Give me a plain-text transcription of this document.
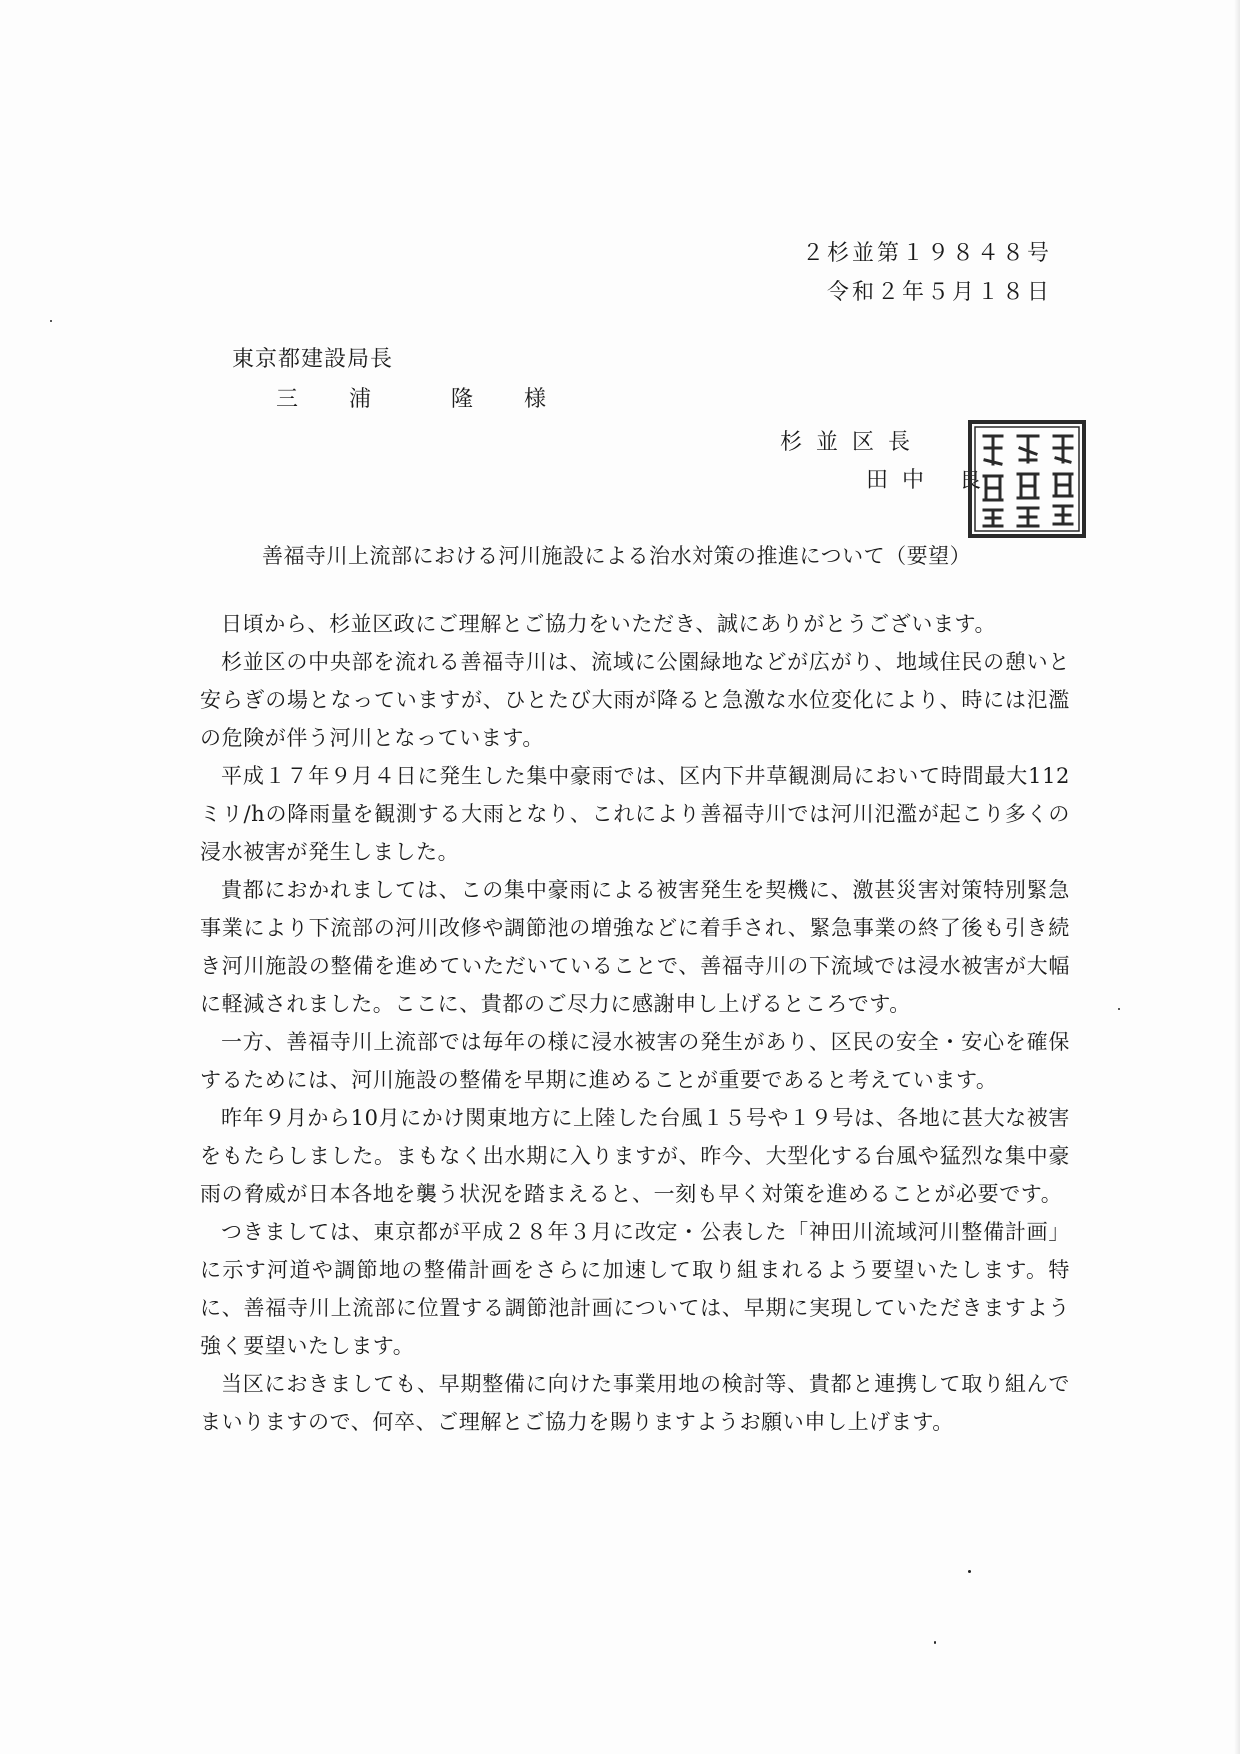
２杉並第１９８４８号
令和２年５月１８日
東京都建設局長
三 浦  隆 様
杉並区長
田中 良
善福寺川上流部における河川施設による治水対策の推進について（要望）

日頃から、杉並区政にご理解とご協力をいただき、誠にありがとうございます。

杉並区の中央部を流れる善福寺川は、流域に公園緑地などが広がり、地域住民の憩いと安らぎの場となっていますが、ひとたび大雨が降ると急激な水位変化により、時には氾濫の危険が伴う河川となっています。

平成１７年９月４日に発生した集中豪雨では、区内下井草観測局において時間最大112ミリ/hの降雨量を観測する大雨となり、これにより善福寺川では河川氾濫が起こり多くの浸水被害が発生しました。

貴都におかれましては、この集中豪雨による被害発生を契機に、激甚災害対策特別緊急事業により下流部の河川改修や調節池の増強などに着手され、緊急事業の終了後も引き続き河川施設の整備を進めていただいていることで、善福寺川の下流域では浸水被害が大幅に軽減されました。ここに、貴都のご尽力に感謝申し上げるところです。

一方、善福寺川上流部では毎年の様に浸水被害の発生があり、区民の安全・安心を確保するためには、河川施設の整備を早期に進めることが重要であると考えています。

昨年９月から10月にかけ関東地方に上陸した台風１５号や１９号は、各地に甚大な被害をもたらしました。まもなく出水期に入りますが、昨今、大型化する台風や猛烈な集中豪雨の脅威が日本各地を襲う状況を踏まえると、一刻も早く対策を進めることが必要です。

つきましては、東京都が平成２８年３月に改定・公表した「神田川流域河川整備計画」に示す河道や調節地の整備計画をさらに加速して取り組まれるよう要望いたします。特に、善福寺川上流部に位置する調節池計画については、早期に実現していただきますよう強く要望いたします。

当区におきましても、早期整備に向けた事業用地の検討等、貴都と連携して取り組んでまいりますので、何卒、ご理解とご協力を賜りますようお願い申し上げます。
